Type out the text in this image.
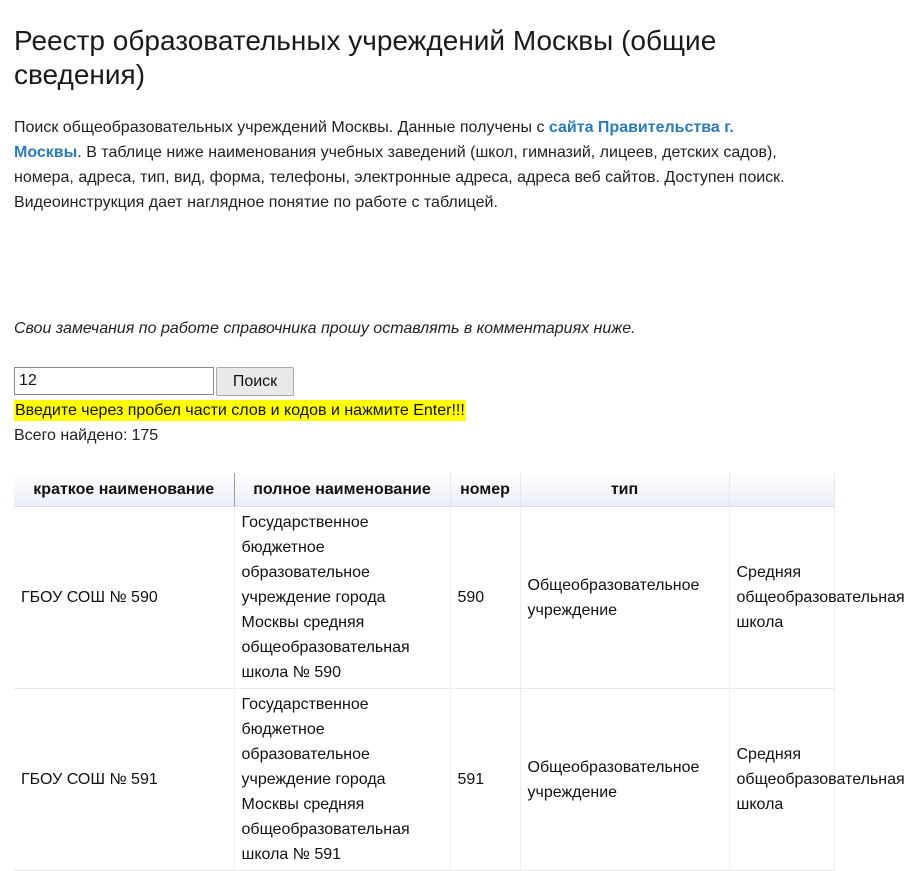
Реестр образовательных учреждений Москвы (общие сведения)

Поиск общеобразовательных учреждений Москвы. Данные получены с сайта Правительства г. Москвы. В таблице ниже наименования учебных заведений (школ, гимназий, лицеев, детских садов), номера, адреса, тип, вид, форма, телефоны, электронные адреса, адреса веб сайтов. Доступен поиск. Видеоинструкция дает наглядное понятие по работе с таблицей.

Свои замечания по работе справочника прошу оставлять в комментариях ниже.

12
Поиск
Введите через пробел части слов и кодов и нажмите Enter!!!
Всего найдено: 175
краткое наименование	полное наименование	номер	тип	
ГБОУ СОШ № 590	Государственное бюджетное образовательное учреждение города Москвы средняя общеобразовательная школа № 590	590	Общеобразовательное учреждение	Средняя общеобразовательная школа
ГБОУ СОШ № 591	Государственное бюджетное образовательное учреждение города Москвы средняя общеобразовательная школа № 591	591	Общеобразовательное учреждение	Средняя общеобразовательная школа
